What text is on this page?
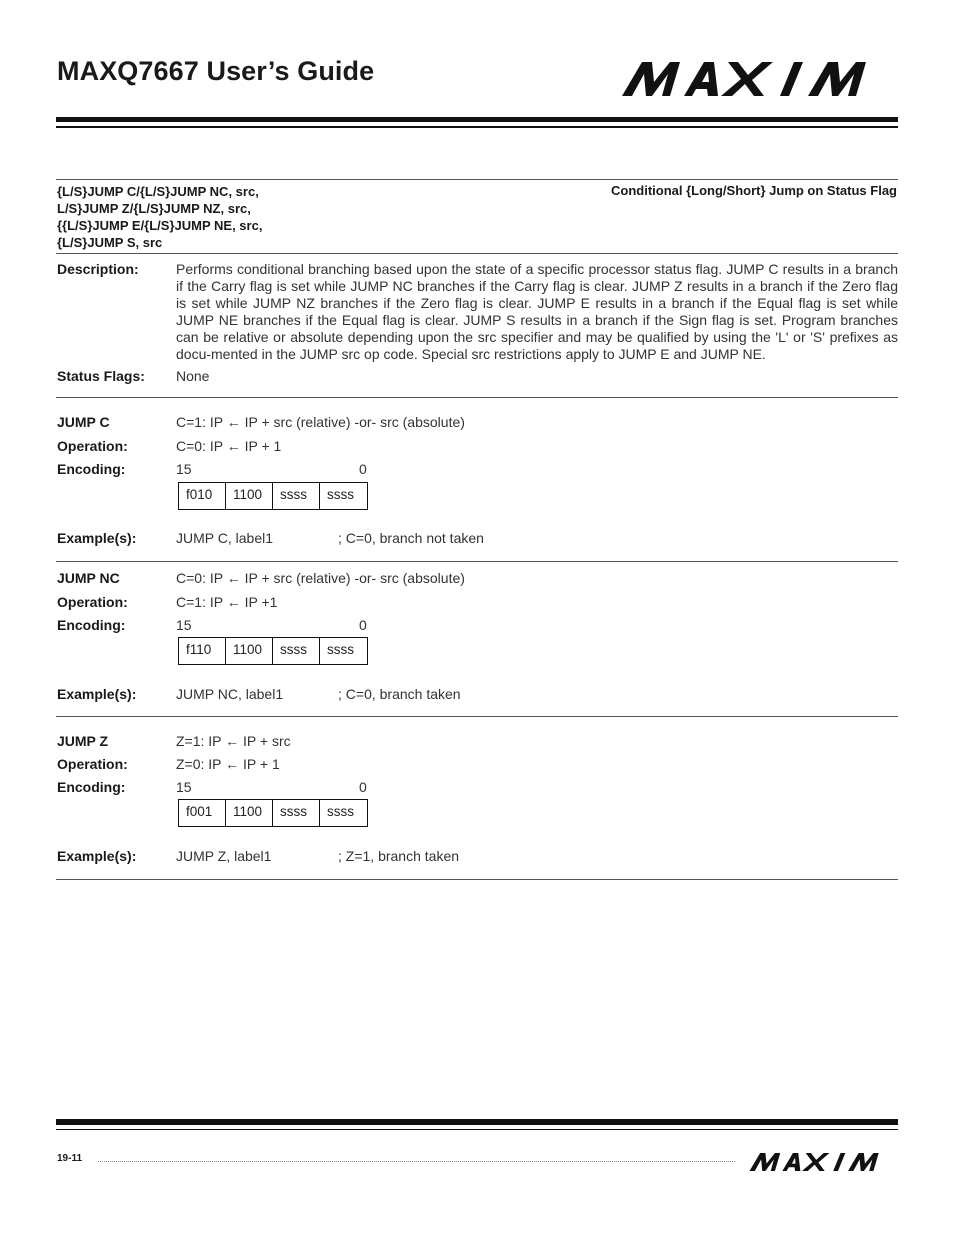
MAXQ7667 User’s Guide
{L/S}JUMP C/{L/S}JUMP NC, src,
L/S}JUMP Z/{L/S}JUMP NZ, src,
{{L/S}JUMP E/{L/S}JUMP NE, src,
{L/S}JUMP S, src
Conditional {Long/Short} Jump on Status Flag
Description:	Performs conditional branching based upon the state of a specific processor status flag. JUMP C results in a branch if the Carry flag is set while JUMP NC branches if the Carry flag is clear. JUMP Z results in a branch if the Zero flag is set while JUMP NZ branches if the Zero flag is clear. JUMP E results in a branch if the Equal flag is set while JUMP NE branches if the Equal flag is clear. JUMP S results in a branch if the Sign flag is set. Program branches can be relative or absolute depending upon the src specifier and may be qualified by using the 'L' or 'S' prefixes as docu-mented in the JUMP src op code. Special src restrictions apply to JUMP E and JUMP NE.
Status Flags: None
JUMP C	C=1: IP ← IP + src (relative) -or- src (absolute)
Operation:	C=0: IP ← IP + 1
Encoding:	15	0
f010	1100	ssss	ssss
Example(s):	JUMP C, label1	; C=0, branch not taken
JUMP NC	C=0: IP ← IP + src (relative) -or- src (absolute)
Operation:	C=1: IP ← IP +1
Encoding:	15	0
f110	1100	ssss	ssss
Example(s):	JUMP NC, label1	; C=0, branch taken
JUMP Z	Z=1: IP ← IP + src
Operation:	Z=0: IP ← IP + 1
Encoding:	15	0
f001	1100	ssss	ssss
Example(s):	JUMP Z, label1	; Z=1, branch taken
19-11
